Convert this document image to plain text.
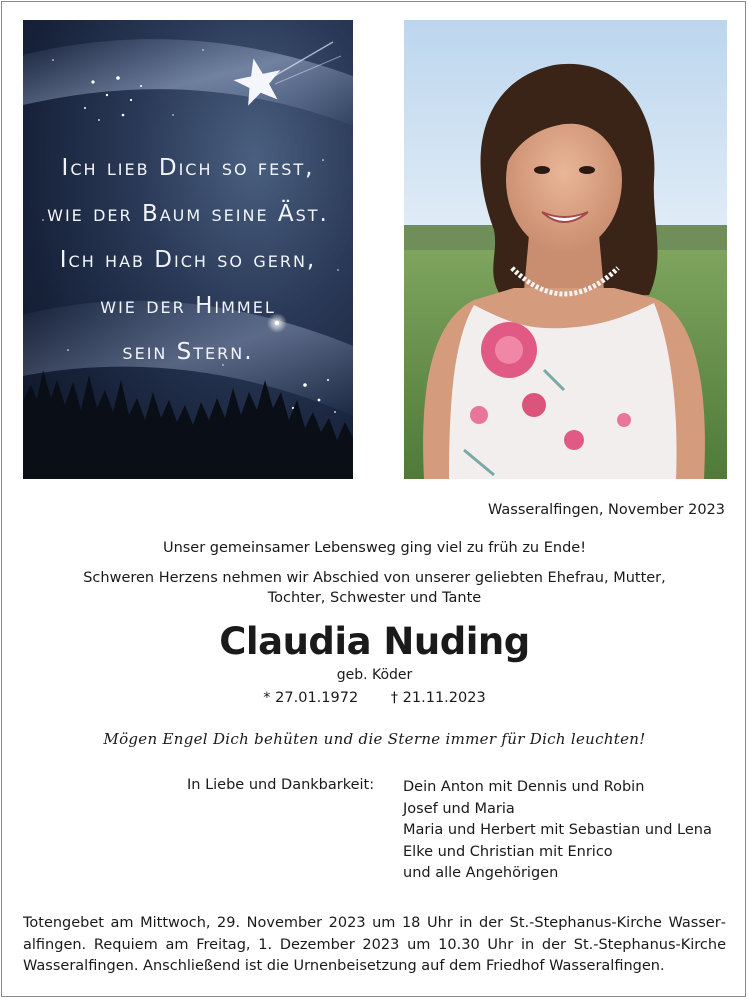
Ich lieb Dich so fest,
wie der Baum seine Äst.
Ich hab Dich so gern,
wie der Himmel
sein Stern.
Wasseralfingen, November 2023
Unser gemeinsamer Lebensweg ging viel zu früh zu Ende!
Schweren Herzens nehmen wir Abschied von unserer geliebten Ehefrau, Mutter,
Tochter, Schwester und Tante
Claudia Nuding
geb. Köder
* 27.01.1972 † 21.11.2023
Mögen Engel Dich behüten und die Sterne immer für Dich leuchten!
In Liebe und Dankbarkeit: Dein Anton mit Dennis und Robin
Josef und Maria
Maria und Herbert mit Sebastian und Lena
Elke und Christian mit Enrico
und alle Angehörigen
Totengebet am Mittwoch, 29. November 2023 um 18 Uhr in der St.-Stephanus-Kirche Wasseralfingen. Requiem am Freitag, 1. Dezember 2023 um 10.30 Uhr in der St.-Stephanus-Kirche Wasseralfingen. Anschließend ist die Urnenbeisetzung auf dem Friedhof Wasseralfingen.
